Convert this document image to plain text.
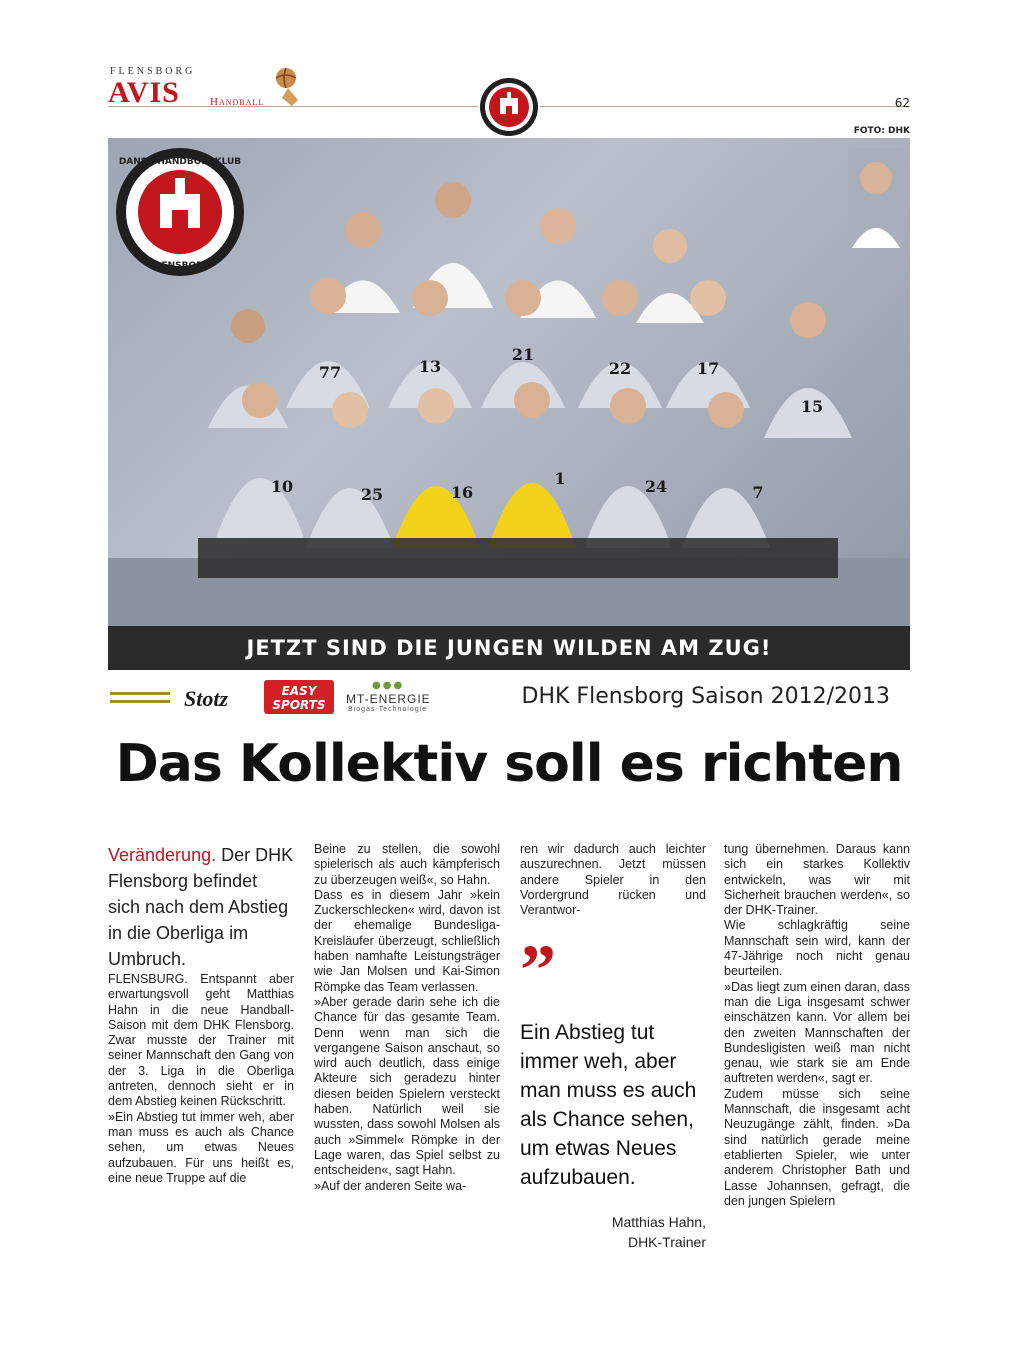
FLENSBORG
AVIS	Handball	62
FOTO: DHK
DANSK HÅNDBOLDKLUB
FLENSBORG
77	13
21
22	17
15
10	25	16
1	24	7
JETZT SIND DIE JUNGEN WILDEN AM ZUG!
Stotz	EASY
SPORTS
●●●
MT-ENERGIE
Biogas-Technologie
DHK Flensborg Saison 2012/2013
Das Kollektiv soll es richten

Veränderung. Der DHK Flensborg befindet sich nach dem Abstieg in die Oberliga im Umbruch.

FLENSBURG. Entspannt aber erwartungsvoll geht Matthias Hahn in die neue Handball-Saison mit dem DHK Flensborg. Zwar musste der Trainer mit seiner Mannschaft den Gang von der 3. Liga in die Oberliga antreten, dennoch sieht er in dem Abstieg keinen Rückschritt.

»Ein Abstieg tut immer weh, aber man muss es auch als Chance sehen, um etwas Neues aufzubauen. Für uns heißt es, eine neue Truppe auf die

Beine zu stellen, die sowohl spielerisch als auch kämpferisch zu überzeugen weiß«, so Hahn.

Dass es in diesem Jahr »kein Zuckerschlecken« wird, davon ist der ehemalige Bundesliga-Kreisläufer überzeugt, schließlich haben namhafte Leistungsträger wie Jan Molsen und Kai-Simon Römpke das Team verlassen.

»Aber gerade darin sehe ich die Chance für das gesamte Team. Denn wenn man sich die vergangene Saison anschaut, so wird auch deutlich, dass einige Akteure sich geradezu hinter diesen beiden Spielern versteckt haben. Natürlich weil sie wussten, dass sowohl Molsen als auch »Simmel« Römpke in der Lage waren, das Spiel selbst zu entscheiden«, sagt Hahn.

»Auf der anderen Seite wa-

ren wir dadurch auch leichter auszurechnen. Jetzt müssen andere Spieler in den Vordergrund rücken und Verantwor-

”

Ein Abstieg tut immer weh, aber man muss es auch als Chance sehen, um etwas Neues aufzubauen.

Matthias Hahn,
DHK-Trainer

tung übernehmen. Daraus kann sich ein starkes Kollektiv entwickeln, was wir mit Sicherheit brauchen werden«, so der DHK-Trainer.

Wie schlagkräftig seine Mannschaft sein wird, kann der 47-Jährige noch nicht genau beurteilen.

»Das liegt zum einen daran, dass man die Liga insgesamt schwer einschätzen kann. Vor allem bei den zweiten Mannschaften der Bundesligisten weiß man nicht genau, wie stark sie am Ende auftreten werden«, sagt er.

Zudem müsse sich seine Mannschaft, die insgesamt acht Neuzugänge zählt, finden. »Da sind natürlich gerade meine etablierten Spieler, wie unter anderem Christopher Bath und Lasse Johannsen, gefragt, die den jungen Spielern
